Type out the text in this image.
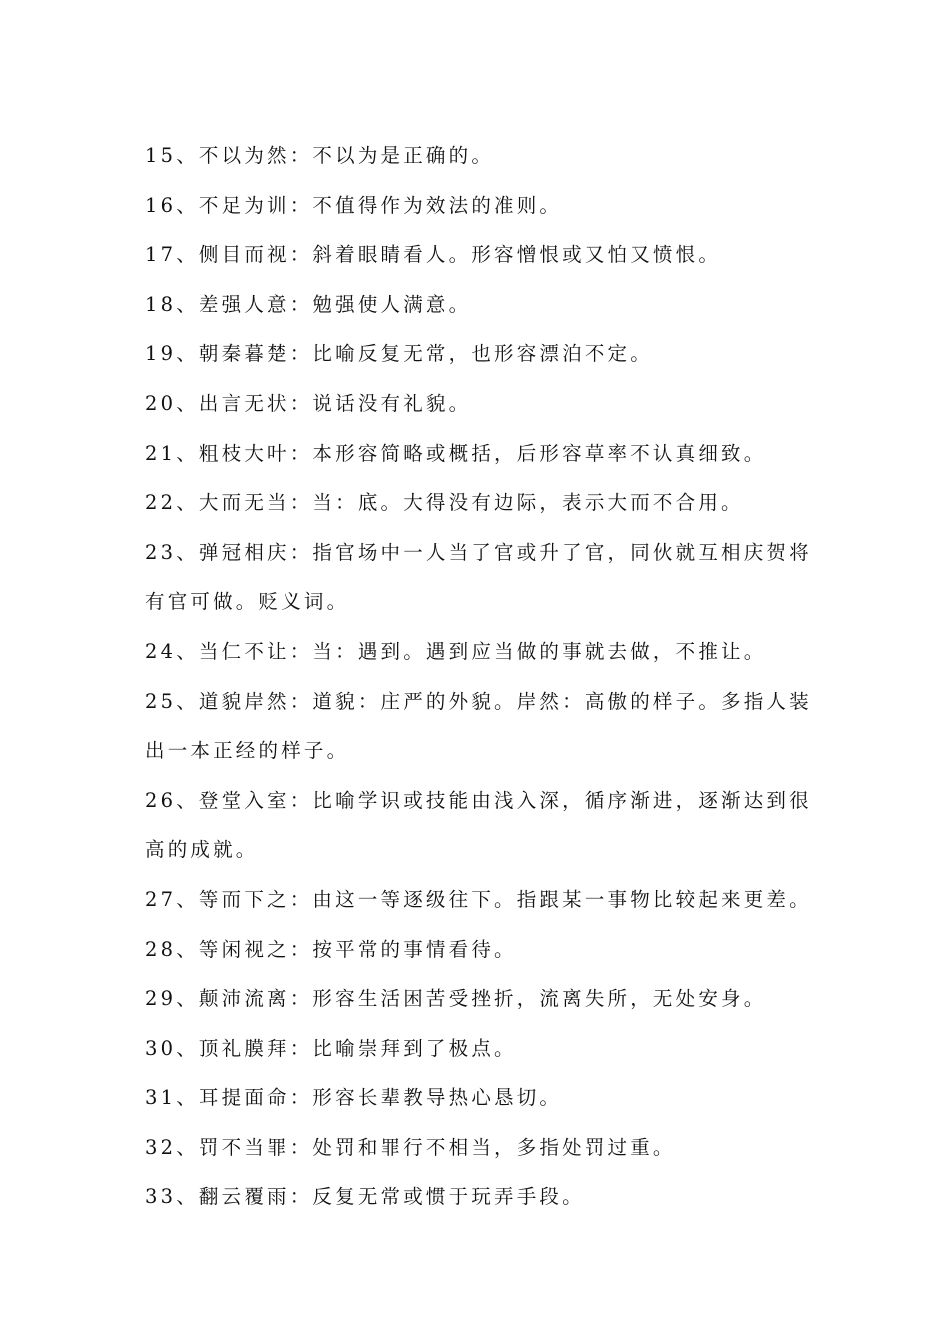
15、不以为然：不以为是正确的。
16、不足为训：不值得作为效法的准则。
17、侧目而视：斜着眼睛看人。形容憎恨或又怕又愤恨。
18、差强人意：勉强使人满意。
19、朝秦暮楚：比喻反复无常，也形容漂泊不定。
20、出言无状：说话没有礼貌。
21、粗枝大叶：本形容简略或概括，后形容草率不认真细致。
22、大而无当：当：底。大得没有边际，表示大而不合用。
23、弹冠相庆：指官场中一人当了官或升了官，同伙就互相庆贺将
有官可做。贬义词。
24、当仁不让：当：遇到。遇到应当做的事就去做，不推让。
25、道貌岸然：道貌：庄严的外貌。岸然：高傲的样子。多指人装
出一本正经的样子。
26、登堂入室：比喻学识或技能由浅入深，循序渐进，逐渐达到很
高的成就。
27、等而下之：由这一等逐级往下。指跟某一事物比较起来更差。
28、等闲视之：按平常的事情看待。
29、颠沛流离：形容生活困苦受挫折，流离失所，无处安身。
30、顶礼膜拜：比喻崇拜到了极点。
31、耳提面命：形容长辈教导热心恳切。
32、罚不当罪：处罚和罪行不相当，多指处罚过重。
33、翻云覆雨：反复无常或惯于玩弄手段。
